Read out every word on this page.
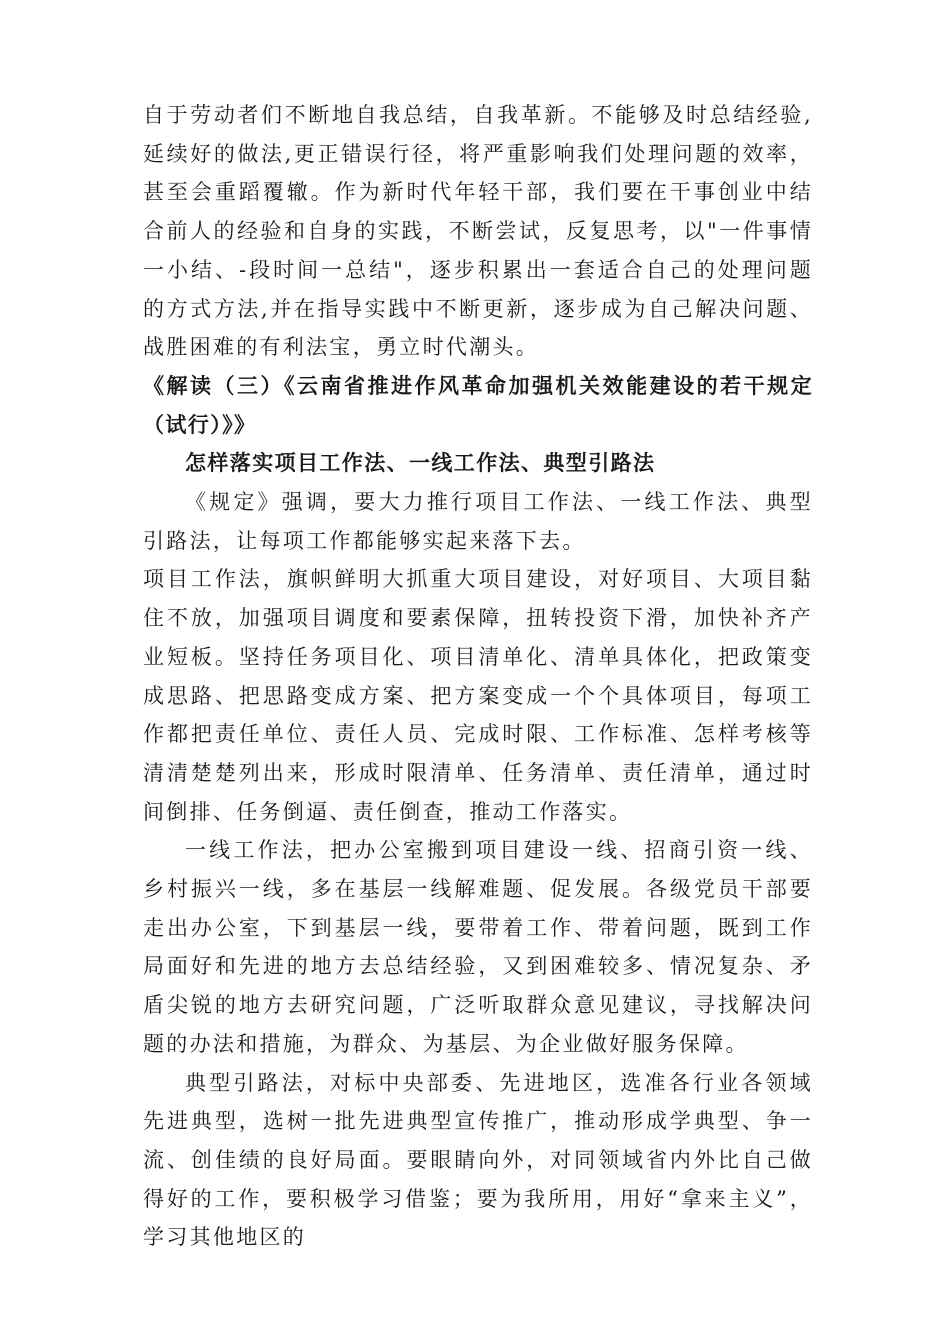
自于劳动者们不断地自我总结，自我革新。不能够及时总结经验,延续好的做法,更正错误行径，将严重影响我们处理问题的效率，甚至会重蹈覆辙。作为新时代年轻干部，我们要在干事创业中结合前人的经验和自身的实践，不断尝试，反复思考，以"一件事情一小结、-段时间一总结"，逐步积累出一套适合自己的处理问题的方式方法,并在指导实践中不断更新，逐步成为自己解决问题、战胜困难的有利法宝，勇立时代潮头。

《解读（三）《云南省推进作风革命加强机关效能建设的若干规定（试行）》》

怎样落实项目工作法、一线工作法、典型引路法

《规定》强调，要大力推行项目工作法、一线工作法、典型引路法，让每项工作都能够实起来落下去。

项目工作法，旗帜鲜明大抓重大项目建设，对好项目、大项目黏住不放，加强项目调度和要素保障，扭转投资下滑，加快补齐产业短板。坚持任务项目化、项目清单化、清单具体化，把政策变成思路、把思路变成方案、把方案变成一个个具体项目，每项工作都把责任单位、责任人员、完成时限、工作标准、怎样考核等清清楚楚列出来，形成时限清单、任务清单、责任清单，通过时间倒排、任务倒逼、责任倒查，推动工作落实。

一线工作法，把办公室搬到项目建设一线、招商引资一线、乡村振兴一线，多在基层一线解难题、促发展。各级党员干部要走出办公室，下到基层一线，要带着工作、带着问题，既到工作局面好和先进的地方去总结经验，又到困难较多、情况复杂、矛盾尖锐的地方去研究问题，广泛听取群众意见建议，寻找解决问题的办法和措施，为群众、为基层、为企业做好服务保障。

典型引路法，对标中央部委、先进地区，选准各行业各领域先进典型，选树一批先进典型宣传推广，推动形成学典型、争一流、创佳绩的良好局面。要眼睛向外，对同领域省内外比自己做得好的工作，要积极学习借鉴；要为我所用，用好“拿来主义”，学习其他地区的
